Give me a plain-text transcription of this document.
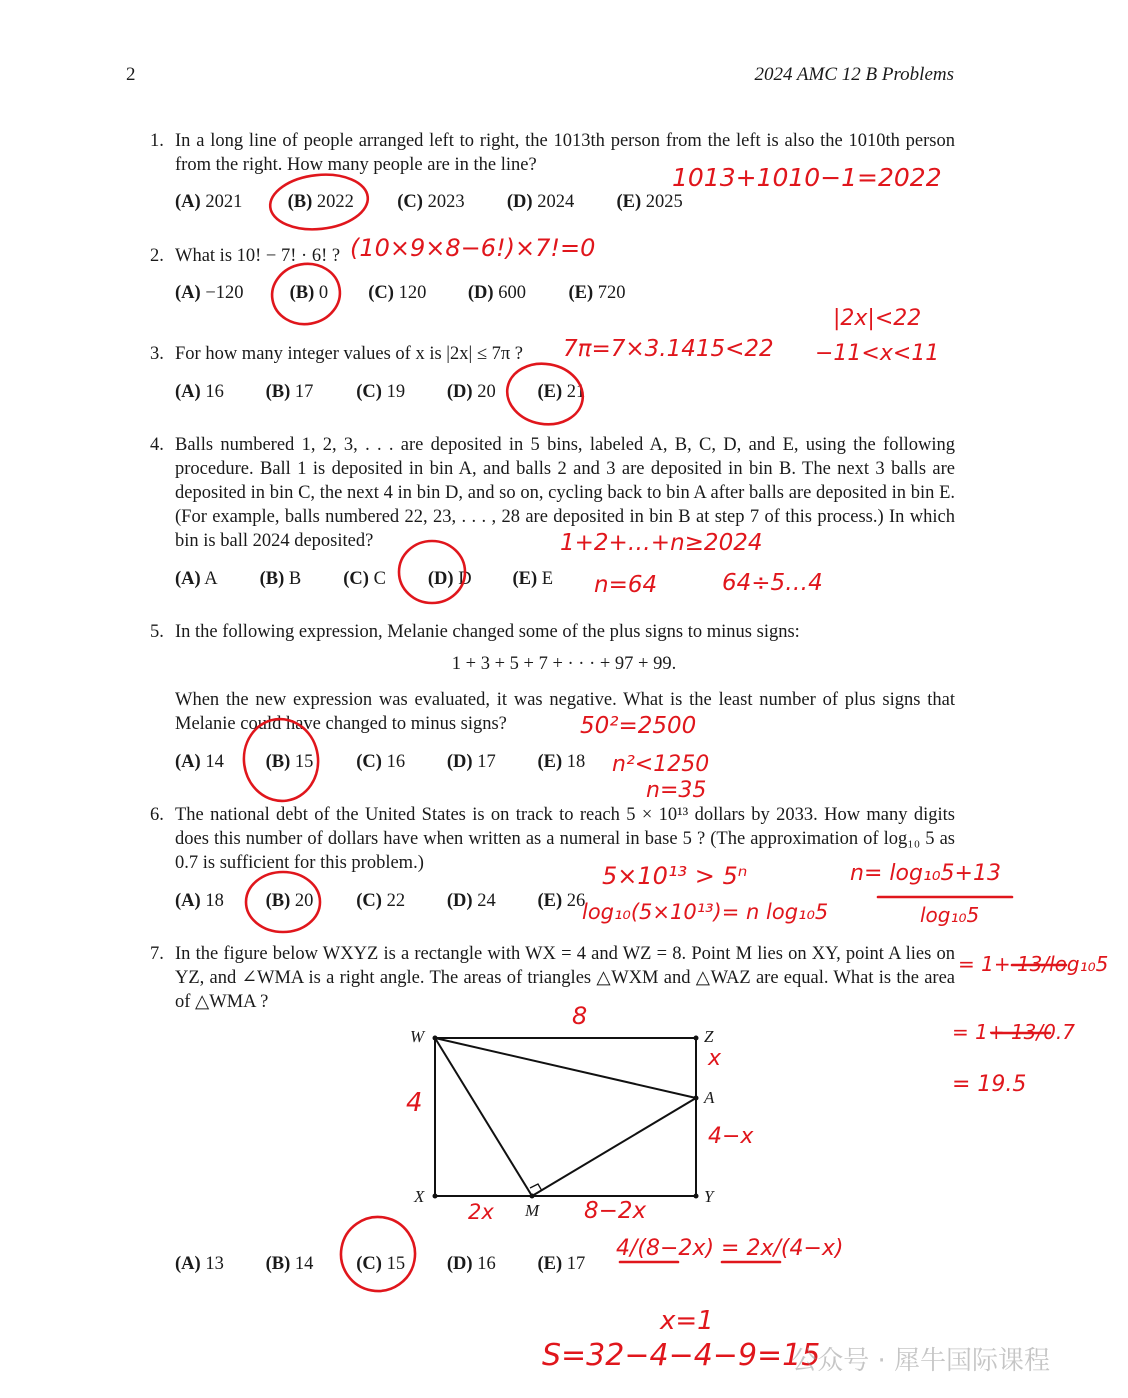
2	2024 AMC 12 B Problems
1. In a long line of people arranged left to right, the 1013th person from the left is also the 1010th person from the right. How many people are in the line?
(A) 2021 (B) 2022 (C) 2023 (D) 2024 (E) 2025
2. What is 10! − 7! · 6! ?
(A) −120 (B) 0 (C) 120 (D) 600 (E) 720
3. For how many integer values of x is |2x| ≤ 7π ?
(A) 16 (B) 17 (C) 19 (D) 20 (E) 21
4. Balls numbered 1, 2, 3, . . . are deposited in 5 bins, labeled A, B, C, D, and E, using the following procedure. Ball 1 is deposited in bin A, and balls 2 and 3 are deposited in bin B. The next 3 balls are deposited in bin C, the next 4 in bin D, and so on, cycling back to bin A after balls are deposited in bin E. (For example, balls numbered 22, 23, . . . , 28 are deposited in bin B at step 7 of this process.) In which bin is ball 2024 deposited?
(A) A (B) B (C) C (D) D (E) E
5. In the following expression, Melanie changed some of the plus signs to minus signs:
1 + 3 + 5 + 7 + · · · + 97 + 99.
When the new expression was evaluated, it was negative. What is the least number of plus signs that Melanie could have changed to minus signs?
(A) 14 (B) 15 (C) 16 (D) 17 (E) 18
6. The national debt of the United States is on track to reach 5 × 10¹³ dollars by 2033. How many digits does this number of dollars have when written as a numeral in base 5 ? (The approximation of log₁₀ 5 as 0.7 is sufficient for this problem.)
(A) 18 (B) 20 (C) 22 (D) 24 (E) 26
7. In the figure below WXYZ is a rectangle with WX = 4 and WZ = 8. Point M lies on XY, point A lies on YZ, and ∠WMA is a right angle. The areas of triangles △WXM and △WAZ are equal. What is the area of △WMA ?
W	Z
A
X
M
Y
(A) 13 (B) 14 (C) 15 (D) 16 (E) 17
1013+1010−1=2022
(10×9×8−6!)×7!=0
7π=7×3.1415<22
|2x|<22
−11<x<11
1+2+…+n≥2024
n=64	64÷5…4
50²=2500
n²<1250
n=35
5×10¹³ > 5ⁿ
log₁₀(5×10¹³)= n log₁₀5
n= log₁₀5+13
log₁₀5
= 1+ 13/log₁₀5
= 1+ 13/0.7
= 19.5
8
4
x
4−x
2x	8−2x
4/(8−2x) = 2x/(4−x)
x=1
S=32−4−4−9=15
公众号 · 犀牛国际课程
